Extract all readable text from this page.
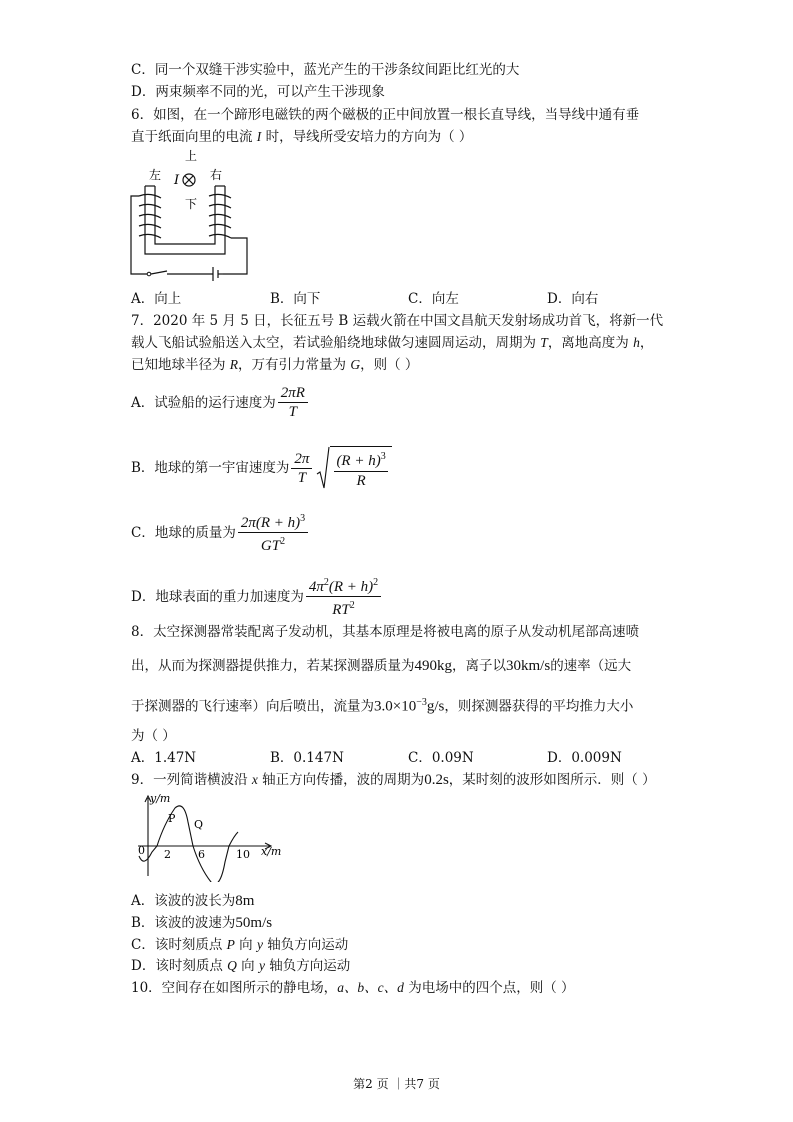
C．同一个双缝干涉实验中，蓝光产生的干涉条纹间距比红光的大
D．两束频率不同的光，可以产生干涉现象
6．如图，在一个蹄形电磁铁的两个磁极的正中间放置一根长直导线，当导线中通有垂
直于纸面向里的电流 I 时，导线所受安培力的方向为（ ）
上
下
左	右
I
A．向上	B．向下	C．向左	D．向右
7．2020 年 5 月 5 日，长征五号 B 运载火箭在中国文昌航天发射场成功首飞，将新一代
载人飞船试验船送入太空，若试验船绕地球做匀速圆周运动，周期为 T，离地高度为 h，
已知地球半径为 R，万有引力常量为 G，则（ ）
A．试验船的运行速度为 $\frac{2\pi R}{T}$
B．地球的第一宇宙速度为 $\frac{2\pi}{T} (R + h)^3$
R
C．地球的质量为 $\frac{2\pi(R + h)^3}{GT^2}$
D．地球表面的重力加速度为 $\frac{4\pi^2(R + h)^2}{RT^2}$
8．太空探测器常装配离子发动机，其基本原理是将被电离的原子从发动机尾部高速喷
出，从而为探测器提供推力，若某探测器质量为490kg，离子以30km/s的速率（远大
于探测器的飞行速率）向后喷出，流量为$3.0\times 10^{-3}g/s$，则探测器获得的平均推力大小
为（ ）
A．1.47N	B．0.147N	C．0.09N	D．0.009N
9．一列简谐横波沿 x 轴正方向传播，波的周期为0.2s，某时刻的波形如图所示．则（ ）
y/m
x/m
0 2 6	10
P Q
A．该波的波长为8m
B．该波的波速为50m/s
C．该时刻质点 P 向 y 轴负方向运动
D．该时刻质点 Q 向 y 轴负方向运动
10．空间存在如图所示的静电场，a、b、c、d 为电场中的四个点，则（ ）
第2 页 ｜共7 页
